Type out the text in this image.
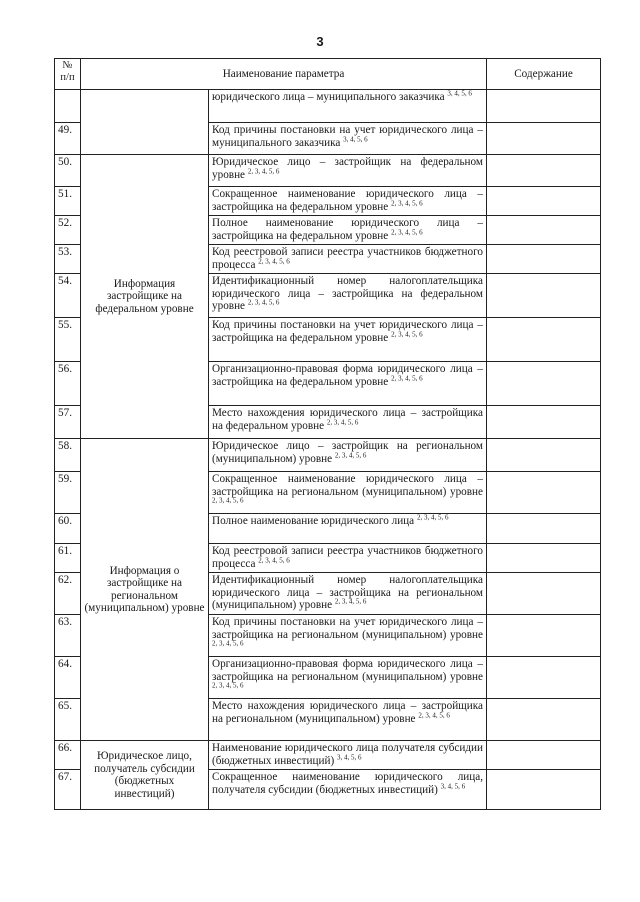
3
№ п/п	Наименование параметра		Содержание
		юридического лица – муниципального заказчика $^{3, 4, 5, 6}$	
49.		Код причины постановки на учет юридического лица – муниципального заказчика $^{3, 4, 5, 6}$	
50.	Информация застройщике на федеральном уровне	Юридическое лицо – застройщик на федеральном уровне $^{2, 3, 4, 5, 6}$	
51.		Сокращенное наименование юридического лица – застройщика на федеральном уровне $^{2, 3, 4, 5, 6}$	
52.		Полное наименование юридического лица – застройщика на федеральном уровне $^{2, 3, 4, 5, 6}$	
53.		Код реестровой записи реестра участников бюджетного процесса $^{2, 3, 4, 5, 6}$	
54.		Идентификационный номер налогоплательщика юридического лица – застройщика на федеральном уровне $^{2, 3, 4, 5, 6}$	
55.		Код причины постановки на учет юридического лица – застройщика на федеральном уровне $^{2, 3, 4, 5, 6}$	
56.		Организационно-правовая форма юридического лица – застройщика на федеральном уровне $^{2, 3, 4, 5, 6}$	
57.		Место нахождения юридического лица – застройщика на федеральном уровне $^{2, 3, 4, 5, 6}$	
58.	Информация о застройщике на региональном (муниципальном) уровне	Юридическое лицо – застройщик на региональном (муниципальном) уровне $^{2, 3, 4, 5, 6}$	
59.		Сокращенное наименование юридического лица – застройщика на региональном (муниципальном) уровне $^{2, 3, 4, 5, 6}$	
60.		Полное наименование юридического лица $^{2, 3, 4, 5, 6}$	
61.		Код реестровой записи реестра участников бюджетного процесса $^{2, 3, 4, 5, 6}$	
62.		Идентификационный номер налогоплательщика юридического лица – застройщика на региональном (муниципальном) уровне $^{2, 3, 4, 5, 6}$	
63.		Код причины постановки на учет юридического лица – застройщика на региональном (муниципальном) уровне $^{2, 3, 4, 5, 6}$	
64.		Организационно-правовая форма юридического лица – застройщика на региональном (муниципальном) уровне $^{2, 3, 4, 5, 6}$	
65.		Место нахождения юридического лица – застройщика на региональном (муниципальном) уровне $^{2, 3, 4, 5, 6}$	
66.	Юридическое лицо, получатель субсидии (бюджетных инвестиций)	Наименование юридического лица получателя субсидии (бюджетных инвестиций) $^{3, 4, 5, 6}$	
67.		Сокращенное наименование юридического лица, получателя субсидии (бюджетных инвестиций) $^{3, 4, 5, 6}$	
